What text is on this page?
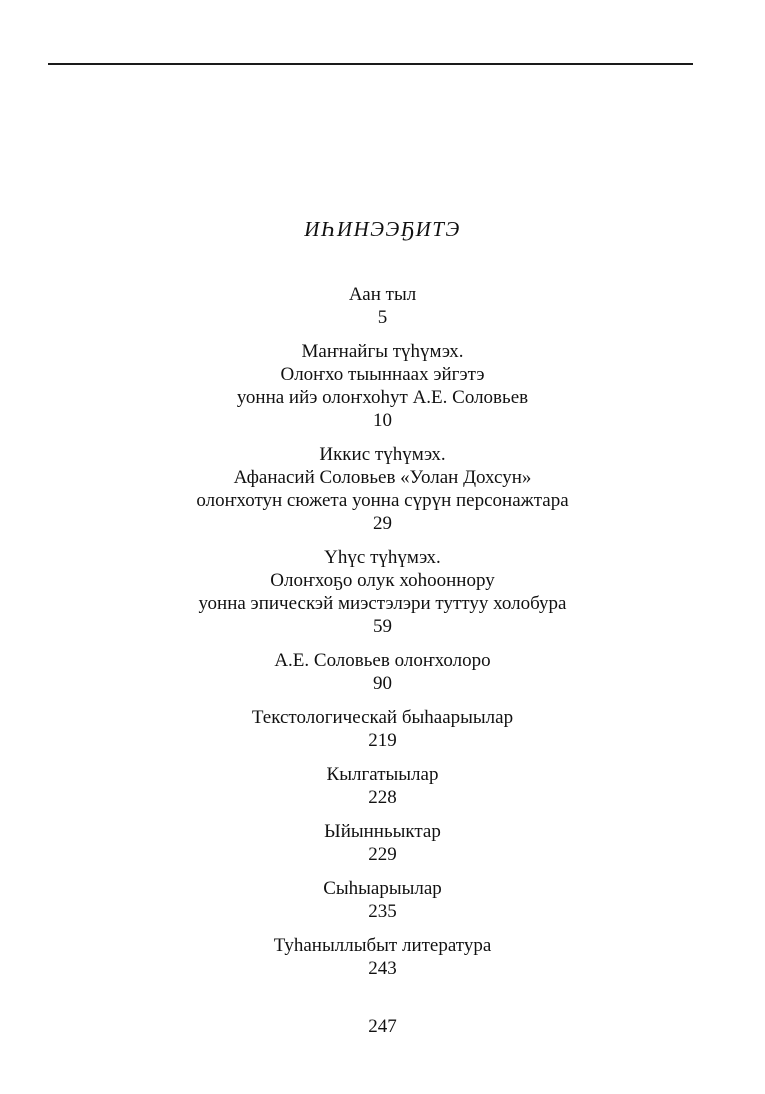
ИҺИНЭЭҔИТЭ
Аан тыл
5
Маҥнайгы түһүмэх.
Олоҥхо тыыннаах эйгэтэ
уонна ийэ олоҥхоһут А.Е. Соловьев
10
Иккис түһүмэх.
Афанасий Соловьев «Уолан Дохсун»
олоҥхотун сюжета уонна сүрүн персонажтара
29
Үһүс түһүмэх.
Олоҥхоҕо олук хоһооннору
уонна эпическэй миэстэлэри туттуу холобура
59
А.Е. Соловьев олоҥхолоро
90
Текстологическай быһаарыылар
219
Кылгатыылар
228
Ыйынньыктар
229
Сыһыарыылар
235
Туһаныллыбыт литература
243
247
